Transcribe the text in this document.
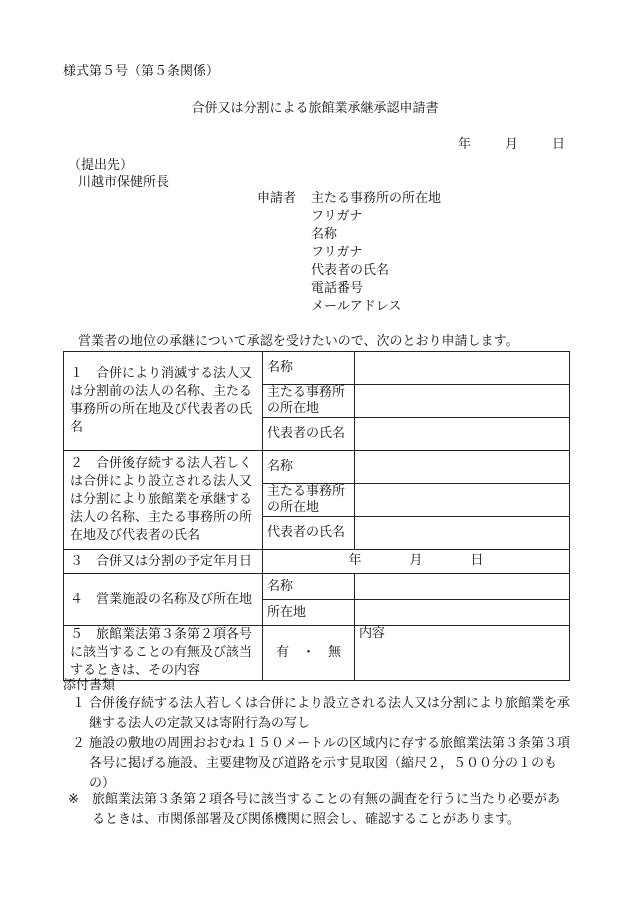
様式第５号（第５条関係）
合併又は分割による旅館業承継承認申請書
年	月	日
（提出先）
川越市保健所長
申請者 主たる事務所の所在地
フリガナ
名称
フリガナ
代表者の氏名
電話番号
メールアドレス
営業者の地位の承継について承認を受けたいので、次のとおり申請します。
１　合併により消滅する法人又は分割前の法人の名称、主たる事務所の所在地及び代表者の氏名	名称	
	主たる事務所の所在地	
	代表者の氏名	
２　合併後存続する法人若しくは合併により設立される法人又は分割により旅館業を承継する法人の名称、主たる事務所の所在地及び代表者の氏名	名称	
	主たる事務所の所在地	
	代表者の氏名	
３　合併又は分割の予定年月日	年 月 日	
４　営業施設の名称及び所在地	名称	
	所在地	
５　旅館業法第３条第２項各号に該当することの有無及び該当するときは、その内容	有　・　無	内容
添付書類
１ 合併後存続する法人若しくは合併により設立される法人又は分割により旅館業を承継する法人の定款又は寄附行為の写し
２ 施設の敷地の周囲おおむね１５０メートルの区域内に存する旅館業法第３条第３項各号に掲げる施設、主要建物及び道路を示す見取図（縮尺２，５００分の１のもの）
※ 旅館業法第３条第２項各号に該当することの有無の調査を行うに当たり必要があるときは、市関係部署及び関係機関に照会し、確認することがあります。
